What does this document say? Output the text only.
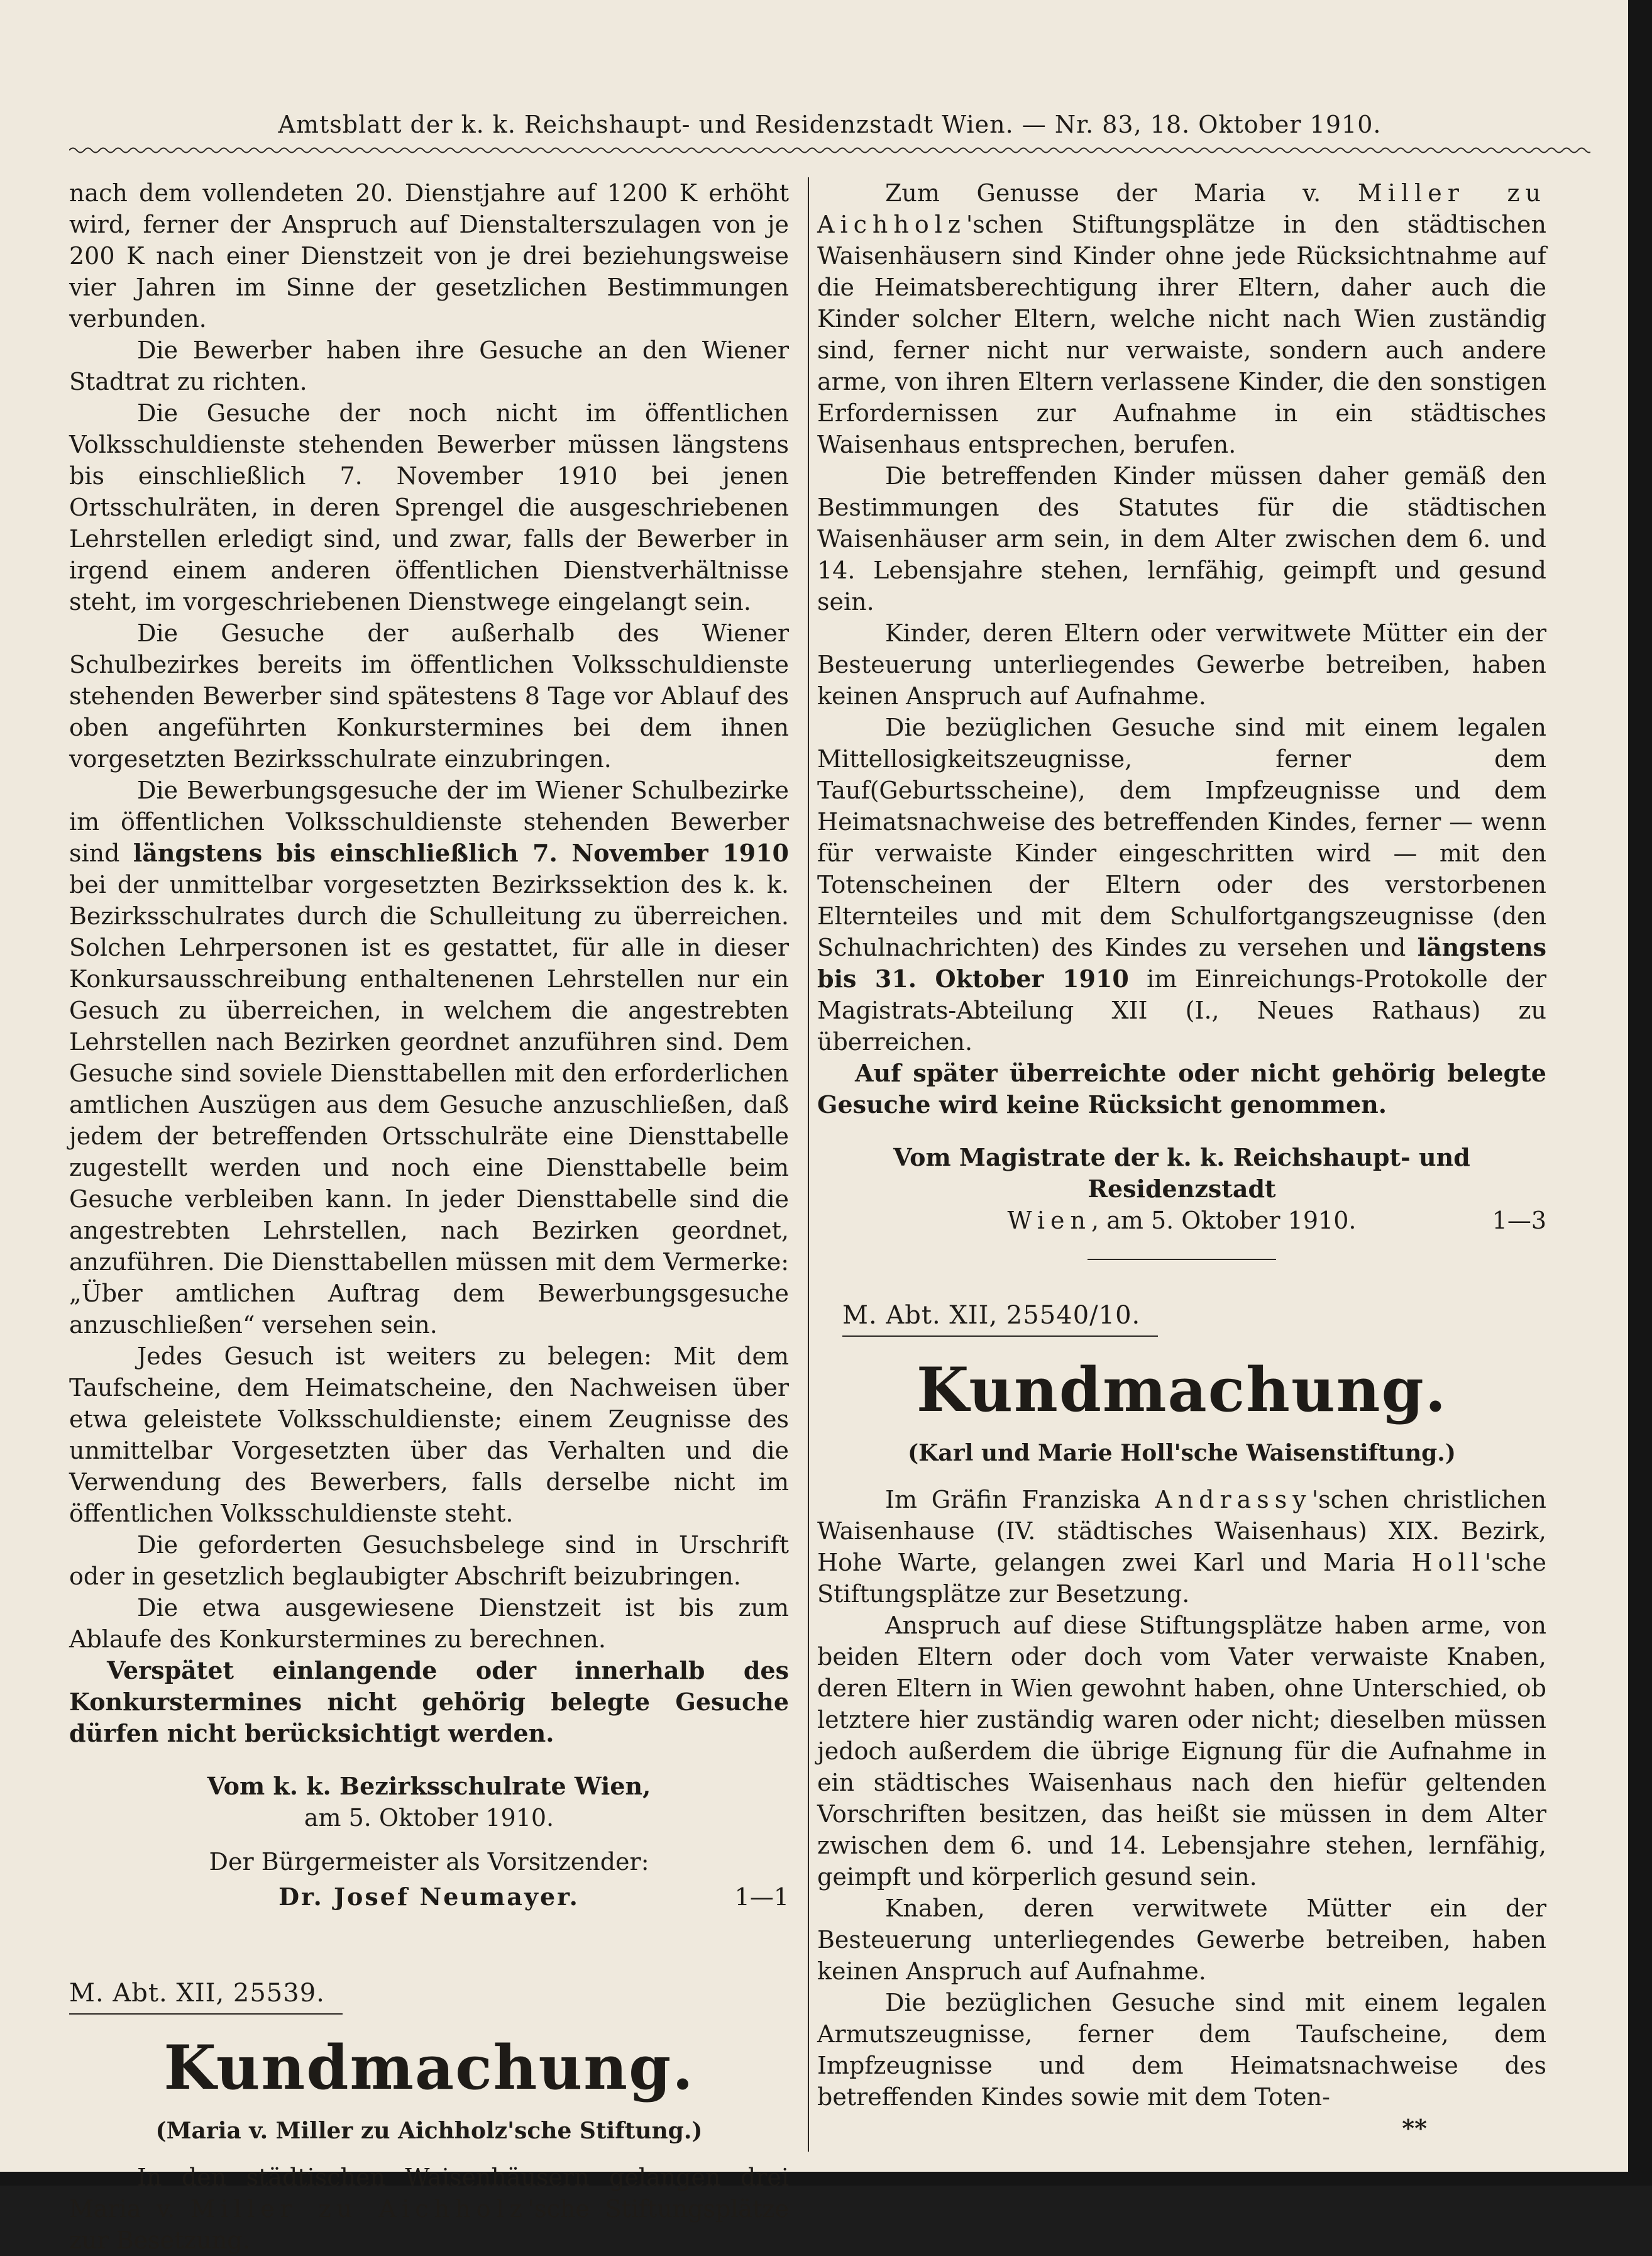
Amtsblatt der k. k. Reichshaupt- und Residenzstadt Wien. — Nr. 83, 18. Oktober 1910.

nach dem vollendeten 20. Dienstjahre auf 1200 K erhöht wird, ferner der Anspruch auf Dienstalterszulagen von je 200 K nach einer Dienstzeit von je drei beziehungsweise vier Jahren im Sinne der gesetzlichen Bestimmungen verbunden.

Die Bewerber haben ihre Gesuche an den Wiener Stadtrat zu richten.

Die Gesuche der noch nicht im öffentlichen Volksschuldienste stehenden Bewerber müssen längstens bis einschließlich 7. November 1910 bei jenen Ortsschulräten, in deren Sprengel die ausgeschriebenen Lehrstellen erledigt sind, und zwar, falls der Bewerber in irgend einem anderen öffentlichen Dienstverhältnisse steht, im vorgeschriebenen Dienstwege eingelangt sein.

Die Gesuche der außerhalb des Wiener Schulbezirkes bereits im öffentlichen Volksschuldienste stehenden Bewerber sind spätestens 8 Tage vor Ablauf des oben angeführten Konkurstermines bei dem ihnen vorgesetzten Bezirksschulrate einzubringen.

Die Bewerbungsgesuche der im Wiener Schulbezirke im öffentlichen Volksschuldienste stehenden Bewerber sind längstens bis einschließlich 7. November 1910 bei der unmittelbar vorgesetzten Bezirkssektion des k. k. Bezirksschulrates durch die Schulleitung zu überreichen. Solchen Lehrpersonen ist es gestattet, für alle in dieser Konkursausschreibung enthaltenenen Lehrstellen nur ein Gesuch zu überreichen, in welchem die angestrebten Lehrstellen nach Bezirken geordnet anzuführen sind. Dem Gesuche sind soviele Diensttabellen mit den erforderlichen amtlichen Auszügen aus dem Gesuche anzuschließen, daß jedem der betreffenden Ortsschulräte eine Diensttabelle zugestellt werden und noch eine Diensttabelle beim Gesuche verbleiben kann. In jeder Diensttabelle sind die angestrebten Lehrstellen, nach Bezirken geordnet, anzuführen. Die Diensttabellen müssen mit dem Vermerke: „Über amtlichen Auftrag dem Bewerbungsgesuche anzuschließen“ versehen sein.

Jedes Gesuch ist weiters zu belegen: Mit dem Taufscheine, dem Heimatscheine, den Nachweisen über etwa geleistete Volksschuldienste; einem Zeugnisse des unmittelbar Vorgesetzten über das Verhalten und die Verwendung des Bewerbers, falls derselbe nicht im öffentlichen Volksschuldienste steht.

Die geforderten Gesuchsbelege sind in Urschrift oder in gesetzlich beglaubigter Abschrift beizubringen.

Die etwa ausgewiesene Dienstzeit ist bis zum Ablaufe des Konkurstermines zu berechnen.

Verspätet einlangende oder innerhalb des Konkurstermines nicht gehörig belegte Gesuche dürfen nicht berücksichtigt werden.

Vom k. k. Bezirksschulrate Wien,

am 5. Oktober 1910.

Der Bürgermeister als Vorsitzender:

Dr. Josef Neumayer.	1—1
M. Abt. XII, 25539.
Kundmachung.
(Maria v. Miller zu Aichholz'sche Stiftung.)

In den städtischen Waisenhäusern gelangen drei Maria v. Miller zu Aichholz'sche Stiftungsplätze zur Besetzung.

Zum Genusse der Maria v. Miller zu Aichholz'schen Stiftungsplätze in den städtischen Waisenhäusern sind Kinder ohne jede Rücksichtnahme auf die Heimatsberechtigung ihrer Eltern, daher auch die Kinder solcher Eltern, welche nicht nach Wien zuständig sind, ferner nicht nur verwaiste, sondern auch andere arme, von ihren Eltern verlassene Kinder, die den sonstigen Erfordernissen zur Aufnahme in ein städtisches Waisenhaus entsprechen, berufen.

Die betreffenden Kinder müssen daher gemäß den Bestimmungen des Statutes für die städtischen Waisenhäuser arm sein, in dem Alter zwischen dem 6. und 14. Lebensjahre stehen, lernfähig, geimpft und gesund sein.

Kinder, deren Eltern oder verwitwete Mütter ein der Besteuerung unterliegendes Gewerbe betreiben, haben keinen Anspruch auf Aufnahme.

Die bezüglichen Gesuche sind mit einem legalen Mittellosigkeitszeugnisse, ferner dem Tauf(Geburtsscheine), dem Impfzeugnisse und dem Heimatsnachweise des betreffenden Kindes, ferner — wenn für verwaiste Kinder eingeschritten wird — mit den Totenscheinen der Eltern oder des verstorbenen Elternteiles und mit dem Schulfortgangszeugnisse (den Schulnachrichten) des Kindes zu versehen und längstens bis 31. Oktober 1910 im Einreichungs-Protokolle der Magistrats-Abteilung XII (I., Neues Rathaus) zu überreichen.

Auf später überreichte oder nicht gehörig belegte Gesuche wird keine Rücksicht genommen.

Vom Magistrate der k. k. Reichshaupt- und Residenzstadt

Wien, am 5. Oktober 1910.	1—3
M. Abt. XII, 25540/10.
Kundmachung.
(Karl und Marie Holl'sche Waisenstiftung.)

Im Gräfin Franziska Andrassy'schen christlichen Waisenhause (IV. städtisches Waisenhaus) XIX. Bezirk, Hohe Warte, gelangen zwei Karl und Maria Holl'sche Stiftungsplätze zur Besetzung.

Anspruch auf diese Stiftungsplätze haben arme, von beiden Eltern oder doch vom Vater verwaiste Knaben, deren Eltern in Wien gewohnt haben, ohne Unterschied, ob letztere hier zuständig waren oder nicht; dieselben müssen jedoch außerdem die übrige Eignung für die Aufnahme in ein städtisches Waisenhaus nach den hiefür geltenden Vorschriften besitzen, das heißt sie müssen in dem Alter zwischen dem 6. und 14. Lebensjahre stehen, lernfähig, geimpft und körperlich gesund sein.

Knaben, deren verwitwete Mütter ein der Besteuerung unterliegendes Gewerbe betreiben, haben keinen Anspruch auf Aufnahme.

Die bezüglichen Gesuche sind mit einem legalen Armutszeugnisse, ferner dem Taufscheine, dem Impfzeugnisse und dem Heimatsnachweise des betreffenden Kindes sowie mit dem Toten-

**
